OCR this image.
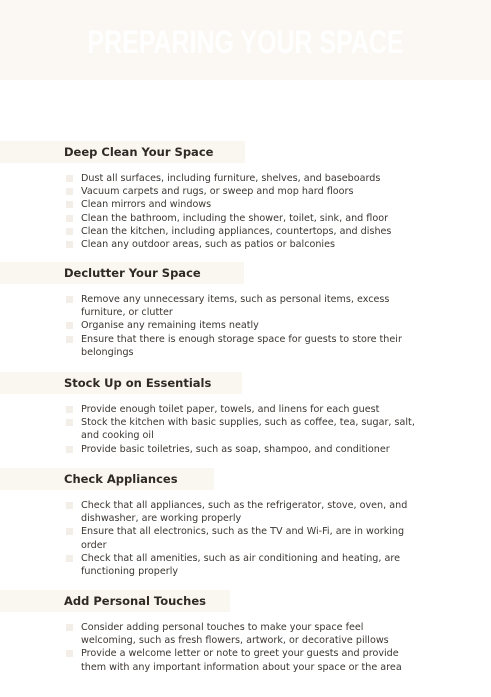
PREPARING YOUR SPACE
Deep Clean Your Space
Dust all surfaces, including furniture, shelves, and baseboards
Vacuum carpets and rugs, or sweep and mop hard floors
Clean mirrors and windows
Clean the bathroom, including the shower, toilet, sink, and floor
Clean the kitchen, including appliances, countertops, and dishes
Clean any outdoor areas, such as patios or balconies
Declutter Your Space
Remove any unnecessary items, such as personal items, excess furniture, or clutter
Organise any remaining items neatly
Ensure that there is enough storage space for guests to store their belongings
Stock Up on Essentials
Provide enough toilet paper, towels, and linens for each guest
Stock the kitchen with basic supplies, such as coffee, tea, sugar, salt, and cooking oil
Provide basic toiletries, such as soap, shampoo, and conditioner
Check Appliances
Check that all appliances, such as the refrigerator, stove, oven, and dishwasher, are working properly
Ensure that all electronics, such as the TV and Wi-Fi, are in working order
Check that all amenities, such as air conditioning and heating, are functioning properly
Add Personal Touches
Consider adding personal touches to make your space feel welcoming, such as fresh flowers, artwork, or decorative pillows
Provide a welcome letter or note to greet your guests and provide them with any important information about your space or the area
